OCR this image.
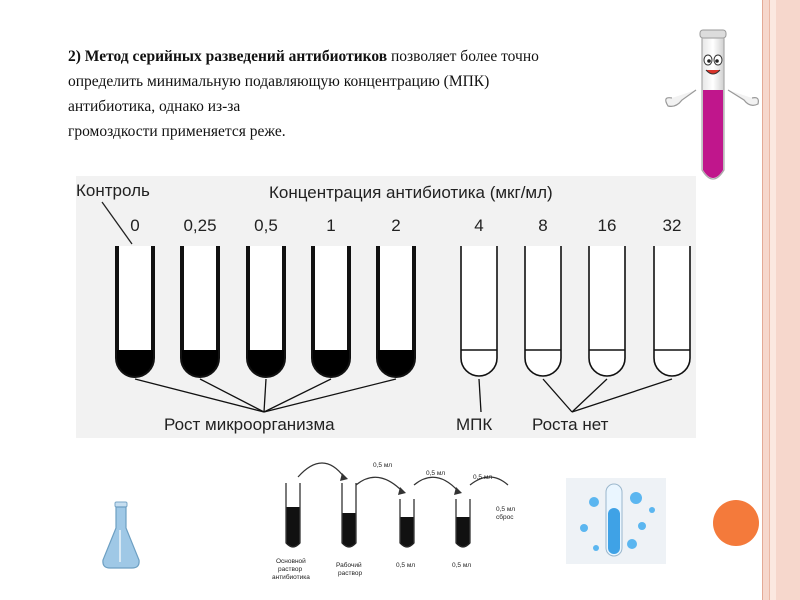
2) Метод серийных разведений антибиотиков позволяет более точно
определить минимальную подавляющую концентрацию (МПК)
антибиотика, однако из-за
громоздкости применяется реже.
Контроль	Концентрация антибиотика (мкг/мл)
0	0,25 0,5	1	2	4	8	16	32
Рост микроорганизма	МПК Роста нет
0,5 мл
0,5 мл
0,5 мл
0,5 мл
сброс
Основной
раствор
антибиотика
Рабочий
раствор
0,5 мл	0,5 мл
